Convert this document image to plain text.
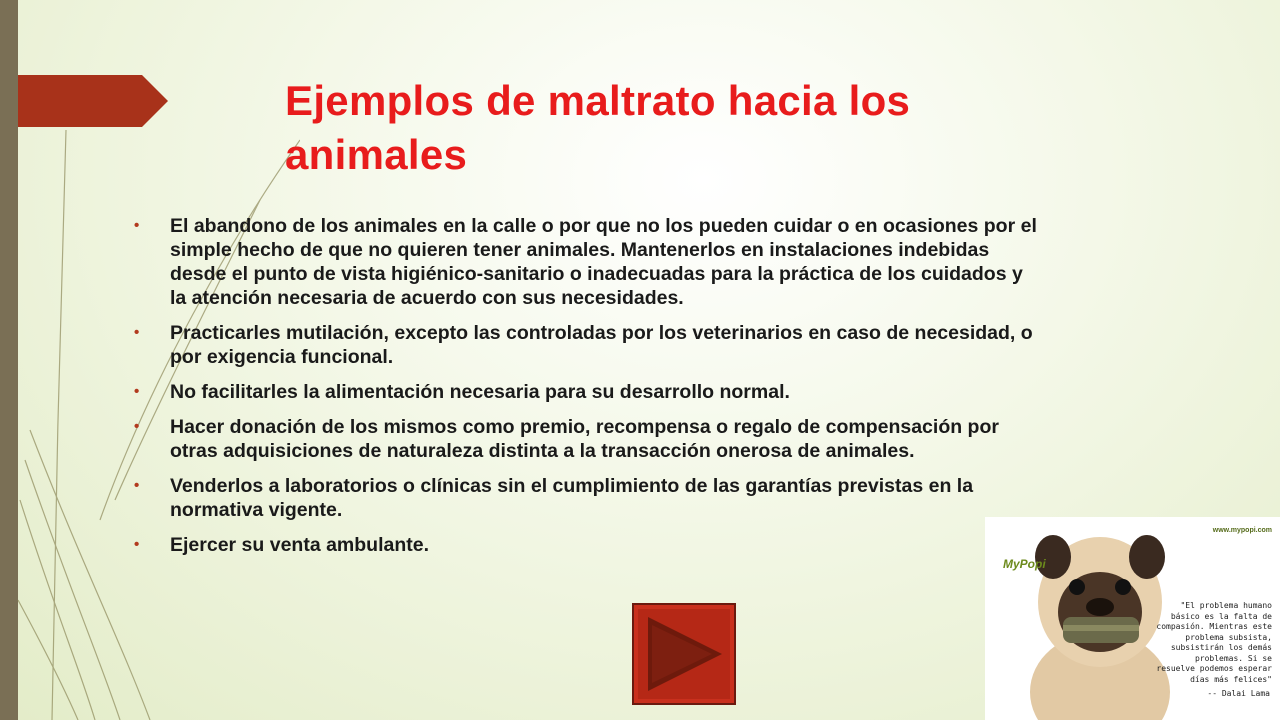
Ejemplos de maltrato hacia los animales
• El abandono de los animales en la calle o por que no los pueden cuidar o en ocasiones por el simple hecho de que no quieren tener animales. Mantenerlos en instalaciones indebidas desde el punto de vista higiénico-sanitario o inadecuadas para la práctica de los cuidados y la atención necesaria de acuerdo con sus necesidades.
• Practicarles mutilación, excepto las controladas por los veterinarios en caso de necesidad, o por exigencia funcional.
• No facilitarles la alimentación necesaria para su desarrollo normal.
• Hacer donación de los mismos como premio, recompensa o regalo de compensación por otras adquisiciones de naturaleza distinta a la transacción onerosa de animales.
• Venderlos a laboratorios o clínicas sin el cumplimiento de las garantías previstas en la normativa vigente.
• Ejercer su venta ambulante.
MyPopi
www.mypopi.com
"El problema humano básico es la falta de compasión. Mientras este problema subsista, subsistirán los demás problemas. Si se resuelve podemos esperar días más felices"
-- Dalai Lama
